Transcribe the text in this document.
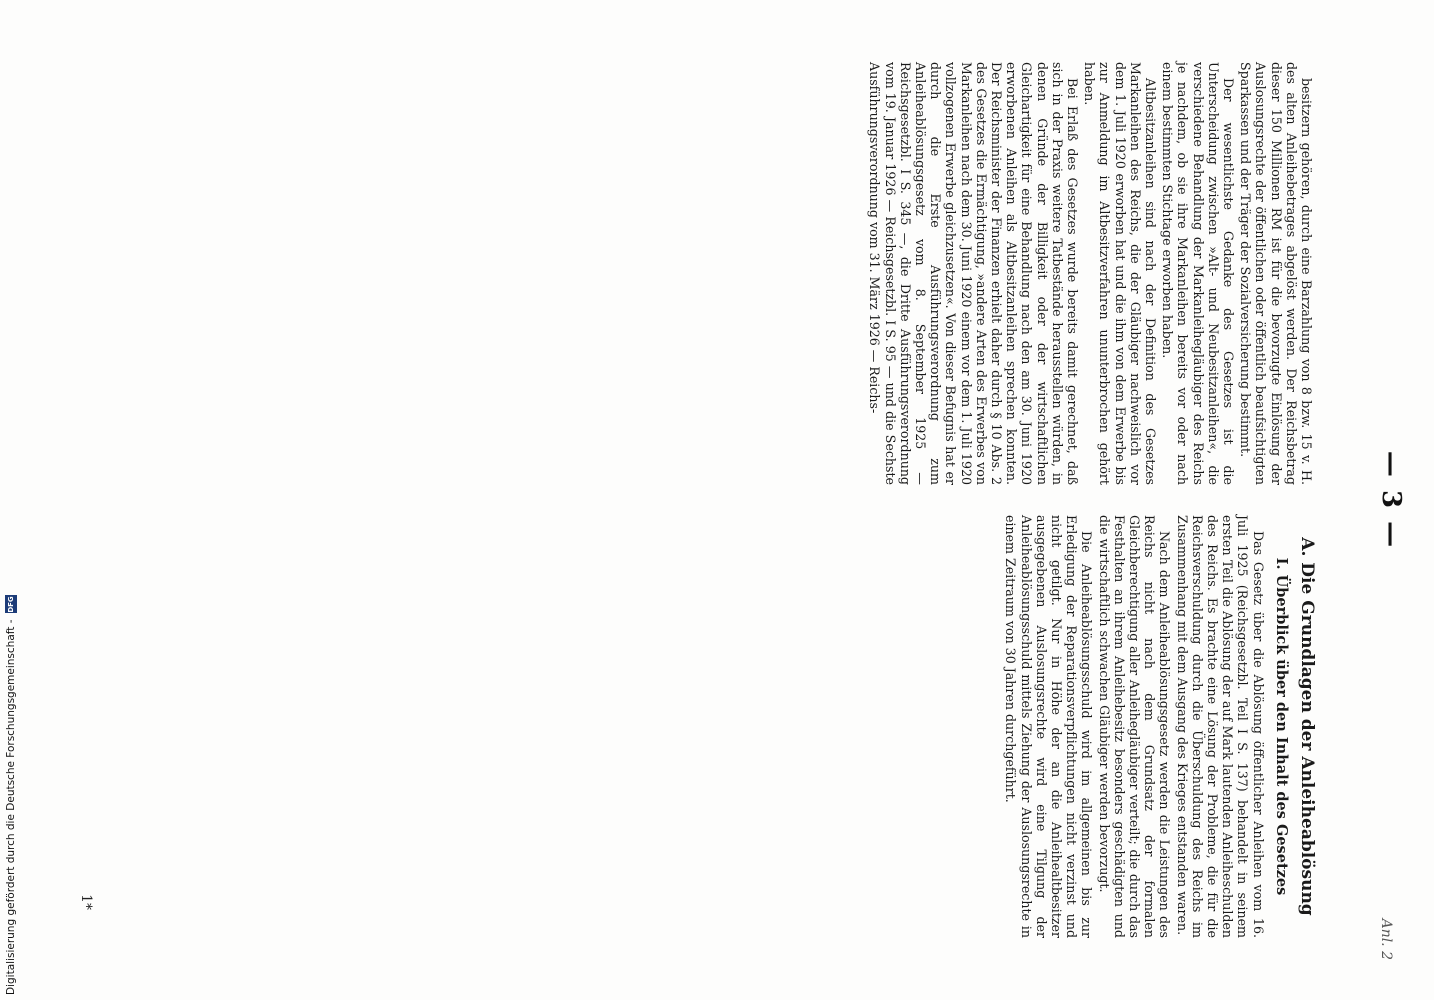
— 3 —
Anl. 2
A. Die Grundlagen der Anleiheablösung
I. Überblick über den Inhalt des Gesetzes

Das Gesetz über die Ablösung öffentlicher Anleihen vom 16. Juli 1925 (Reichsgesetzbl. Teil I S. 137) behandelt in seinem ersten Teil die Ablösung der auf Mark lautenden Anleiheschulden des Reichs. Es brachte eine Lösung der Probleme, die für die Reichsverschuldung durch die Überschuldung des Reichs im Zusammenhang mit dem Ausgang des Krieges entstanden waren.

Nach dem Anleiheablösungsgesetz werden die Leistungen des Reichs nicht nach dem Grundsatz der formalen Gleichberechtigung aller Anleihegläubiger verteilt; die durch das Festhalten an ihrem Anleihebesitz besonders geschädigten und die wirtschaftlich schwachen Gläubiger werden bevorzugt.

Die Anleiheablösungsschuld wird im allgemeinen bis zur Erledigung der Reparationsverpflichtungen nicht verzinst und nicht getilgt. Nur in Höhe der an die Anleihealtbesitzer ausgegebenen Auslosungsrechte wird eine Tilgung der Anleiheablösungsschuld mittels Ziehung der Auslosungsrechte in einem Zeitraum von 30 Jahren durchgeführt.

besitzern gehören, durch eine Barzahlung von 8 bzw. 15 v. H. des alten Anleihebetrages abgelöst werden. Der Reichsbetrag dieser 150 Millionen RM ist für die bevorzugte Einlösung der Auslosungsrechte der öffentlichen oder öffentlich beaufsichtigten Sparkassen und der Träger der Sozialversicherung bestimmt.

Der wesentlichste Gedanke des Gesetzes ist die Unterscheidung zwischen »Alt- und Neubesitzanleihen«, die verschiedene Behandlung der Markanleihegläubiger des Reichs je nachdem, ob sie ihre Markanleihen bereits vor oder nach einem bestimmten Stichtage erworben haben.

Altbesitzanleihen sind nach der Definition des Gesetzes Markanleihen des Reichs, die der Gläubiger nachweislich vor dem 1. Juli 1920 erworben hat und die ihm von dem Erwerbe bis zur Anmeldung im Altbesitzverfahren ununterbrochen gehört haben.

Bei Erlaß des Gesetzes wurde bereits damit gerechnet, daß sich in der Praxis weitere Tatbestände herausstellen würden, in denen Gründe der Billigkeit oder der wirtschaftlichen Gleichartigkeit für eine Behandlung nach den am 30. Juni 1920 erworbenen Anleihen als Altbesitzanleihen sprechen konnten. Der Reichsminister der Finanzen erhielt daher durch § 10 Abs. 2 des Gesetzes die Ermächtigung, »andere Arten des Erwerbes von Markanleihen nach dem 30. Juni 1920 einem vor dem 1. Juli 1920 vollzogenen Erwerbe gleichzusetzen«. Von dieser Befugnis hat er durch die Erste Ausführungsverordnung zum Anleiheablösungsgesetz vom 8. September 1925 — Reichsgesetzbl. I S. 345 —, die Dritte Ausführungsverordnung vom 19. Januar 1926 — Reichsgesetzbl. I S. 95 — und die Sechste Ausführungsverordnung vom 31. März 1926 — Reichs-

1*
Digitalisierung gefördert durch die Deutsche Forschungsgemeinschaft -
DFG
